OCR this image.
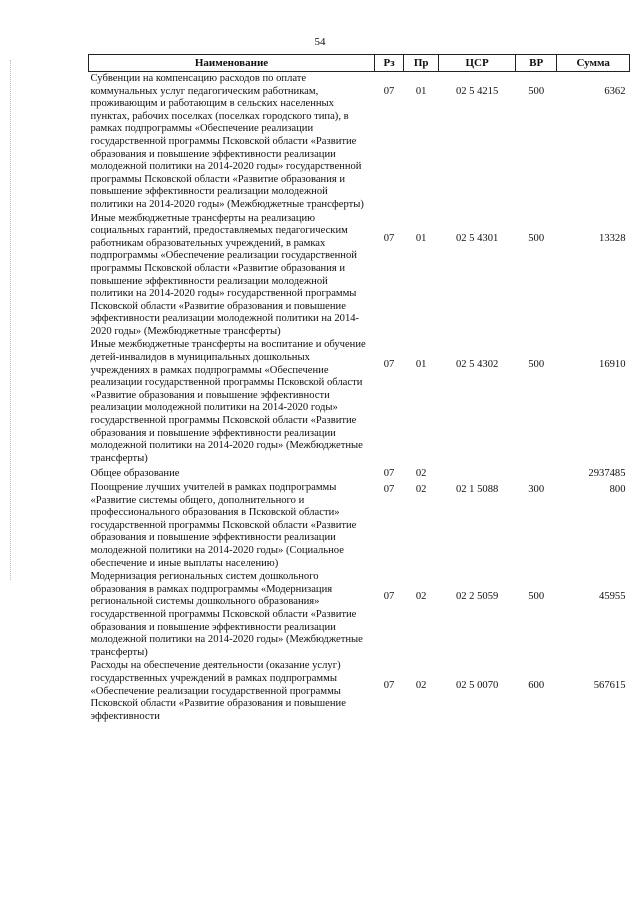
54
Наименование	Рз	Пр	ЦСР	ВР	Сумма
Субвенции на компенсацию расходов по оплате коммунальных услуг педагогическим работникам, проживающим и работающим в сельских населенных пунктах, рабочих поселках (поселках городского типа), в рамках подпрограммы «Обеспечение реализации государственной программы Псковской области «Развитие образования и повышение эффективности реализации молодежной политики на 2014-2020 годы» государственной программы Псковской области «Развитие образования и повышение эффективности реализации молодежной политики на 2014-2020 годы» (Межбюджетные трансферты)	07	01	02 5 4215	500	6362
Иные межбюджетные трансферты на реализацию социальных гарантий, предоставляемых педагогическим работникам образовательных учреждений, в рамках подпрограммы «Обеспечение реализации государственной программы Псковской области «Развитие образования и повышение эффективности реализации молодежной политики на 2014-2020 годы» государственной программы Псковской области «Развитие образования и повышение эффективности реализации молодежной политики на 2014-2020 годы» (Межбюджетные трансферты)	07	01	02 5 4301	500	13328
Иные межбюджетные трансферты на воспитание и обучение детей-инвалидов в муниципальных дошкольных учреждениях в рамках подпрограммы «Обеспечение реализации государственной программы Псковской области «Развитие образования и повышение эффективности реализации молодежной политики на 2014-2020 годы» государственной программы Псковской области «Развитие образования и повышение эффективности реализации молодежной политики на 2014-2020 годы» (Межбюджетные трансферты)	07	01	02 5 4302	500	16910
Общее образование	07	02			2937485
Поощрение лучших учителей в рамках подпрограммы «Развитие системы общего, дополнительного и профессионального образования в Псковской области» государственной программы Псковской области «Развитие образования и повышение эффективности реализации молодежной политики на 2014-2020 годы» (Социальное обеспечение и иные выплаты населению)	07	02	02 1 5088	300	800
Модернизация региональных систем дошкольного образования в рамках подпрограммы «Модернизация региональной системы дошкольного образования» государственной программы Псковской области «Развитие образования и повышение эффективности реализации молодежной политики на 2014-2020 годы» (Межбюджетные трансферты)	07	02	02 2 5059	500	45955
Расходы на обеспечение деятельности (оказание услуг) государственных учреждений в рамках подпрограммы «Обеспечение реализации государственной программы Псковской области «Развитие образования и повышение эффективности	07	02	02 5 0070	600	567615
